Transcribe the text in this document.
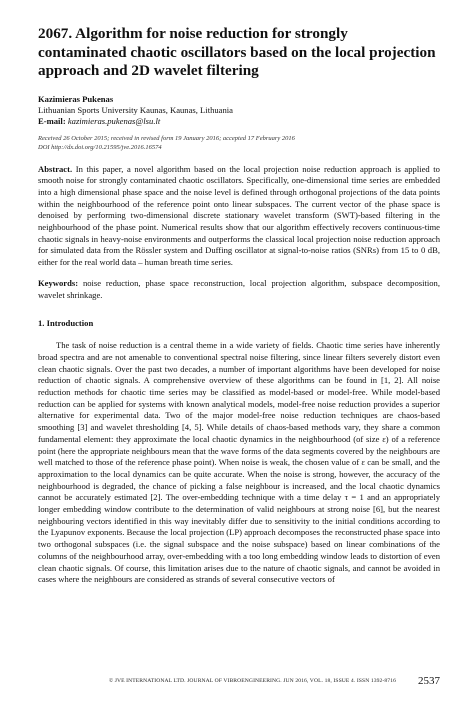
2067. Algorithm for noise reduction for strongly contaminated chaotic oscillators based on the local projection approach and 2D wavelet filtering

Kazimieras Pukenas

Lithuanian Sports University Kaunas, Kaunas, Lithuania

E-mail: kazimieras.pukenas@lsu.lt

Received 26 October 2015; received in revised form 19 January 2016; accepted 17 February 2016

DOI http://dx.doi.org/10.21595/jve.2016.16574

Abstract. In this paper, a novel algorithm based on the local projection noise reduction approach is applied to smooth noise for strongly contaminated chaotic oscillators. Specifically, one-dimensional time series are embedded into a high dimensional phase space and the noise level is defined through orthogonal projections of the data points within the neighbourhood of the reference point onto linear subspaces. The current vector of the phase space is denoised by performing two-dimensional discrete stationary wavelet transform (SWT)-based filtering in the neighbourhood of the phase point. Numerical results show that our algorithm effectively recovers continuous-time chaotic signals in heavy-noise environments and outperforms the classical local projection noise reduction approach for simulated data from the Rössler system and Duffing oscillator at signal-to-noise ratios (SNRs) from 15 to 0 dB, either for the real world data – human breath time series.

Keywords: noise reduction, phase space reconstruction, local projection algorithm, subspace decomposition, wavelet shrinkage.

1. Introduction

The task of noise reduction is a central theme in a wide variety of fields. Chaotic time series have inherently broad spectra and are not amenable to conventional spectral noise filtering, since linear filters severely distort even clean chaotic signals. Over the past two decades, a number of important algorithms have been developed for noise reduction of chaotic signals. A comprehensive overview of these algorithms can be found in [1, 2]. All noise reduction methods for chaotic time series may be classified as model-based or model-free. While model-based reduction can be applied for systems with known analytical models, model-free noise reduction provides a superior alternative for experimental data. Two of the major model-free noise reduction techniques are chaos-based smoothing [3] and wavelet thresholding [4, 5]. While details of chaos-based methods vary, they share a common fundamental element: they approximate the local chaotic dynamics in the neighbourhood (of size ε) of a reference point (here the appropriate neighbours mean that the wave forms of the data segments covered by the neighbours are well matched to those of the reference phase point). When noise is weak, the chosen value of ε can be small, and the approximation to the local dynamics can be quite accurate. When the noise is strong, however, the accuracy of the neighbourhood is degraded, the chance of picking a false neighbour is increased, and the local chaotic dynamics cannot be accurately estimated [2]. The over-embedding technique with a time delay τ = 1 and an appropriately longer embedding window contribute to the determination of valid neighbours at strong noise [6], but the nearest neighbouring vectors identified in this way inevitably differ due to sensitivity to the initial conditions according to the Lyapunov exponents. Because the local projection (LP) approach decomposes the reconstructed phase space into two orthogonal subspaces (i.e. the signal subspace and the noise subspace) based on linear combinations of the columns of the neighbourhood array, over-embedding with a too long embedding window leads to distortion of even clean chaotic signals. Of course, this limitation arises due to the nature of chaotic signals, and cannot be avoided in cases where the neighbours are considered as strands of several consecutive vectors of

© JVE INTERNATIONAL LTD. JOURNAL OF VIBROENGINEERING. JUN 2016, VOL. 18, ISSUE 4. ISSN 1392-8716 2537
